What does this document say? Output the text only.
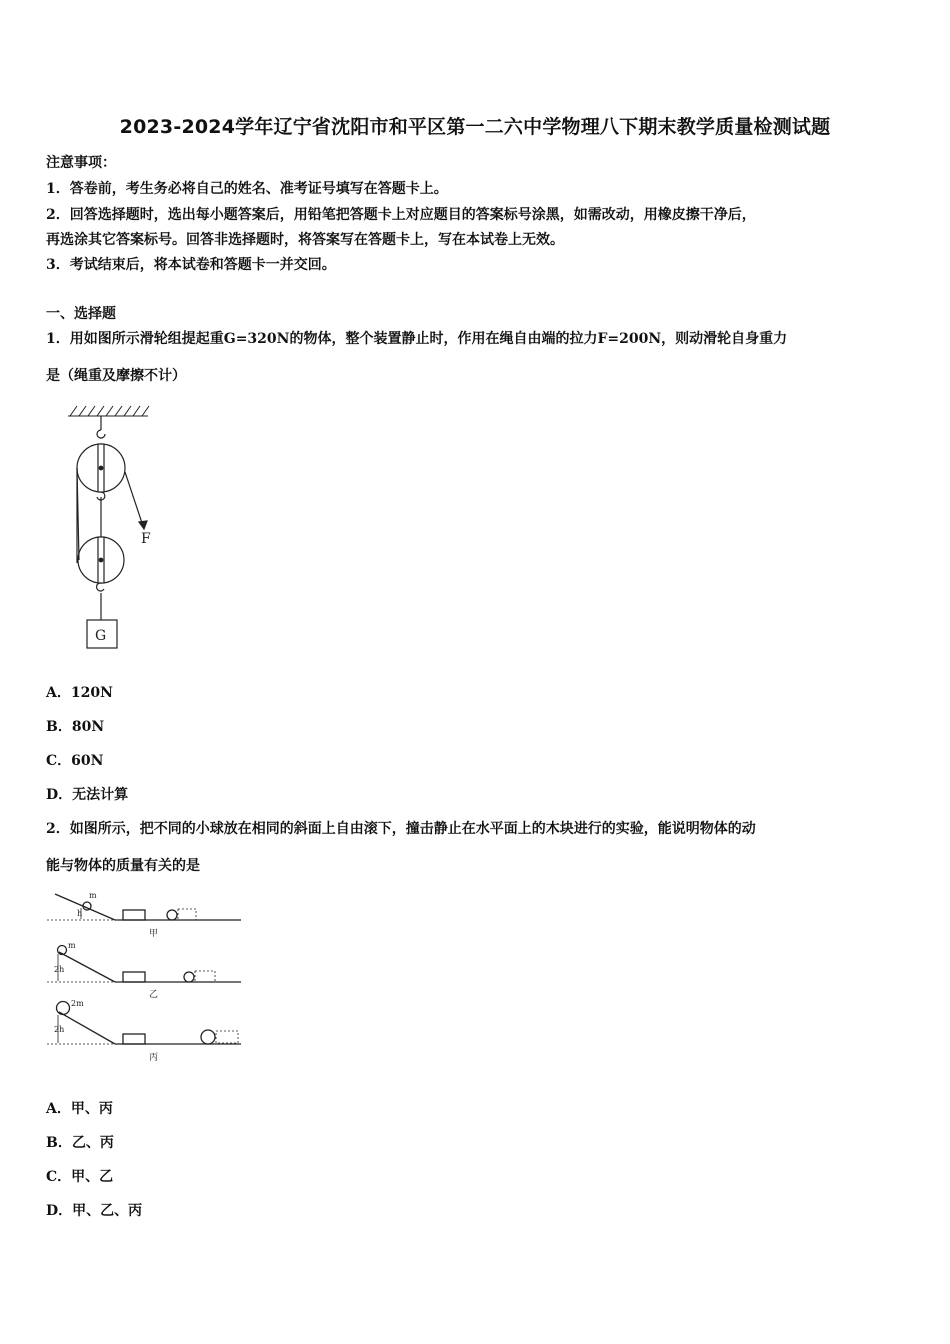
2023-2024学年辽宁省沈阳市和平区第一二六中学物理八下期末教学质量检测试题
注意事项：
1．答卷前，考生务必将自己的姓名、准考证号填写在答题卡上。
2．回答选择题时，选出每小题答案后，用铅笔把答题卡上对应题目的答案标号涂黑，如需改动，用橡皮擦干净后，
再选涂其它答案标号。回答非选择题时，将答案写在答题卡上，写在本试卷上无效。
3．考试结束后，将本试卷和答题卡一并交回。
一、选择题
1．用如图所示滑轮组提起重G=320N的物体，整个装置静止时，作用在绳自由端的拉力F=200N，则动滑轮自身重力
是（绳重及摩擦不计）
F
G
A．120N
B．80N
C．60N
D．无法计算
2．如图所示，把不同的小球放在相同的斜面上自由滚下，撞击静止在水平面上的木块进行的实验，能说明物体的动
能与物体的质量有关的是
m
h
甲
m
2h
乙
2m
2h
丙
A．甲、丙
B．乙、丙
C．甲、乙
D．甲、乙、丙
